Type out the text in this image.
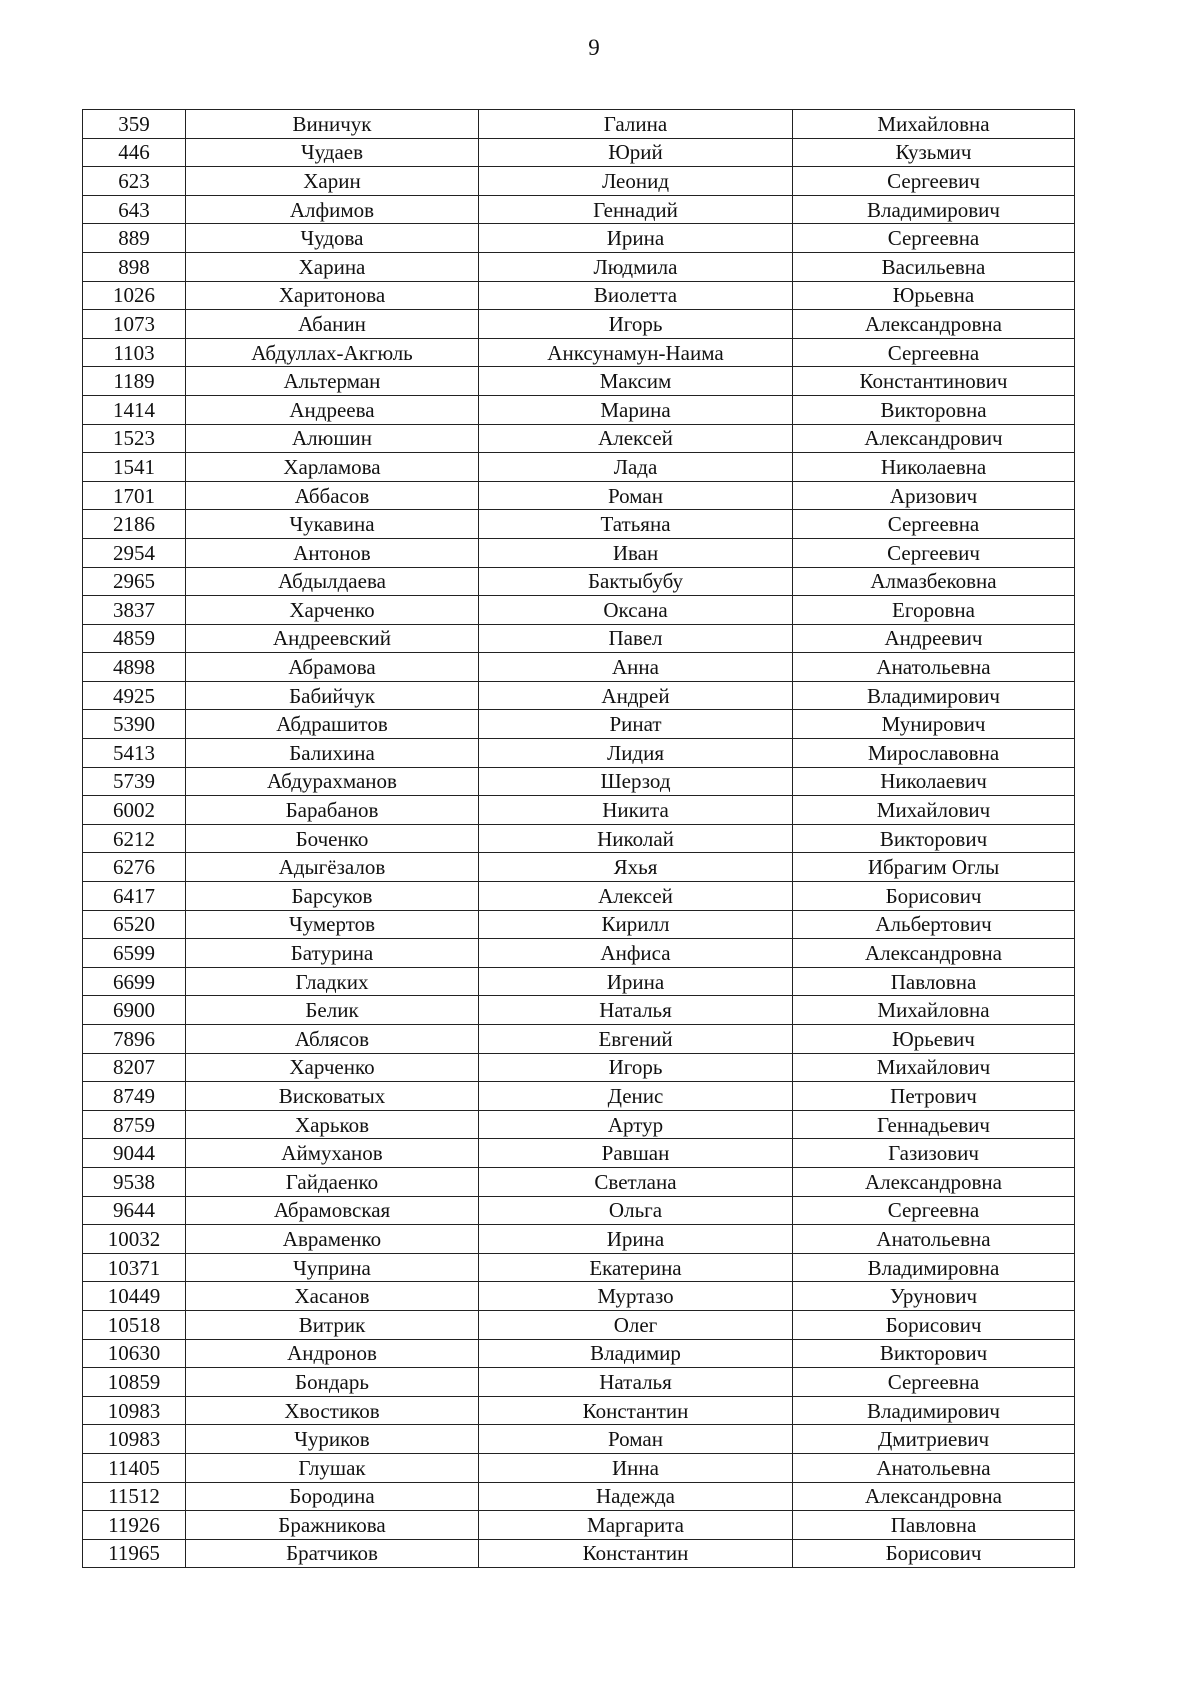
9
359	Виничук	Галина	Михайловна
446	Чудаев	Юрий	Кузьмич
623	Харин	Леонид	Сергеевич
643	Алфимов	Геннадий	Владимирович
889	Чудова	Ирина	Сергеевна
898	Харина	Людмила	Васильевна
1026	Харитонова	Виолетта	Юрьевна
1073	Абанин	Игорь	Александровна
1103	Абдуллах-Акгюль	Анксунамун-Наима	Сергеевна
1189	Альтерман	Максим	Константинович
1414	Андреева	Марина	Викторовна
1523	Алюшин	Алексей	Александрович
1541	Харламова	Лада	Николаевна
1701	Аббасов	Роман	Аризович
2186	Чукавина	Татьяна	Сергеевна
2954	Антонов	Иван	Сергеевич
2965	Абдылдаева	Бактыбубу	Алмазбековна
3837	Харченко	Оксана	Егоровна
4859	Андреевский	Павел	Андреевич
4898	Абрамова	Анна	Анатольевна
4925	Бабийчук	Андрей	Владимирович
5390	Абдрашитов	Ринат	Мунирович
5413	Балихина	Лидия	Мирославовна
5739	Абдурахманов	Шерзод	Николаевич
6002	Барабанов	Никита	Михайлович
6212	Боченко	Николай	Викторович
6276	Адыгёзалов	Яхья	Ибрагим Оглы
6417	Барсуков	Алексей	Борисович
6520	Чумертов	Кирилл	Альбертович
6599	Батурина	Анфиса	Александровна
6699	Гладких	Ирина	Павловна
6900	Белик	Наталья	Михайловна
7896	Аблясов	Евгений	Юрьевич
8207	Харченко	Игорь	Михайлович
8749	Висковатых	Денис	Петрович
8759	Харьков	Артур	Геннадьевич
9044	Аймуханов	Равшан	Газизович
9538	Гайдаенко	Светлана	Александровна
9644	Абрамовская	Ольга	Сергеевна
10032	Авраменко	Ирина	Анатольевна
10371	Чуприна	Екатерина	Владимировна
10449	Хасанов	Муртазо	Урунович
10518	Витрик	Олег	Борисович
10630	Андронов	Владимир	Викторович
10859	Бондарь	Наталья	Сергеевна
10983	Хвостиков	Константин	Владимирович
10983	Чуриков	Роман	Дмитриевич
11405	Глушак	Инна	Анатольевна
11512	Бородина	Надежда	Александровна
11926	Бражникова	Маргарита	Павловна
11965	Братчиков	Константин	Борисович
